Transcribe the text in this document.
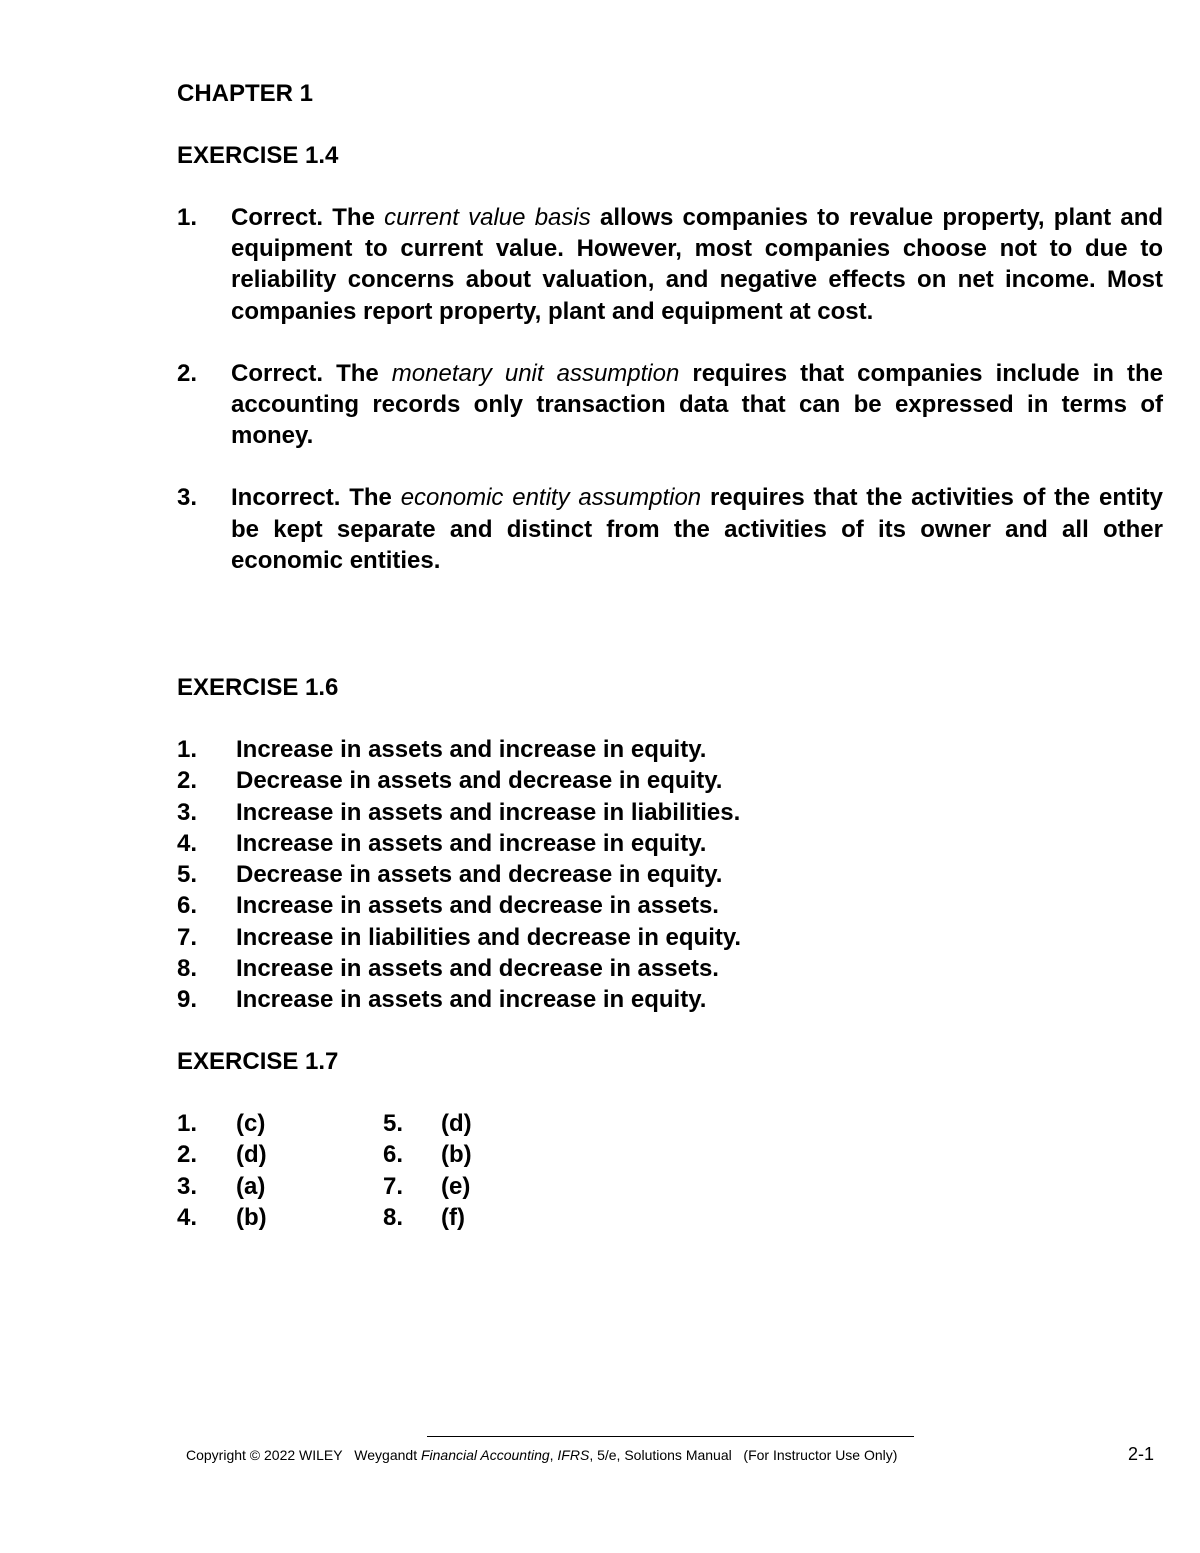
CHAPTER 1
EXERCISE 1.4
1. Correct. The current value basis allows companies to revalue property, plant and equipment to current value. However, most companies choose not to due to reliability concerns about valuation, and negative effects on net income. Most companies report property, plant and equipment at cost.
2. Correct. The monetary unit assumption requires that companies include in the accounting records only transaction data that can be expressed in terms of money.
3. Incorrect. The economic entity assumption requires that the activities of the entity be kept separate and distinct from the activities of its owner and all other economic entities.
EXERCISE 1.6
1. Increase in assets and increase in equity.
2. Decrease in assets and decrease in equity.
3. Increase in assets and increase in liabilities.
4. Increase in assets and increase in equity.
5. Decrease in assets and decrease in equity.
6. Increase in assets and decrease in assets.
7. Increase in liabilities and decrease in equity.
8. Increase in assets and decrease in assets.
9. Increase in assets and increase in equity.
EXERCISE 1.7
1. (c)	5. (d)
2. (d)	6. (b)
3. (a)	7. (e)
4. (b)	8. (f)
Copyright © 2022 WILEY Weygandt Financial Accounting, IFRS, 5/e, Solutions Manual (For Instructor Use Only)	2-1
